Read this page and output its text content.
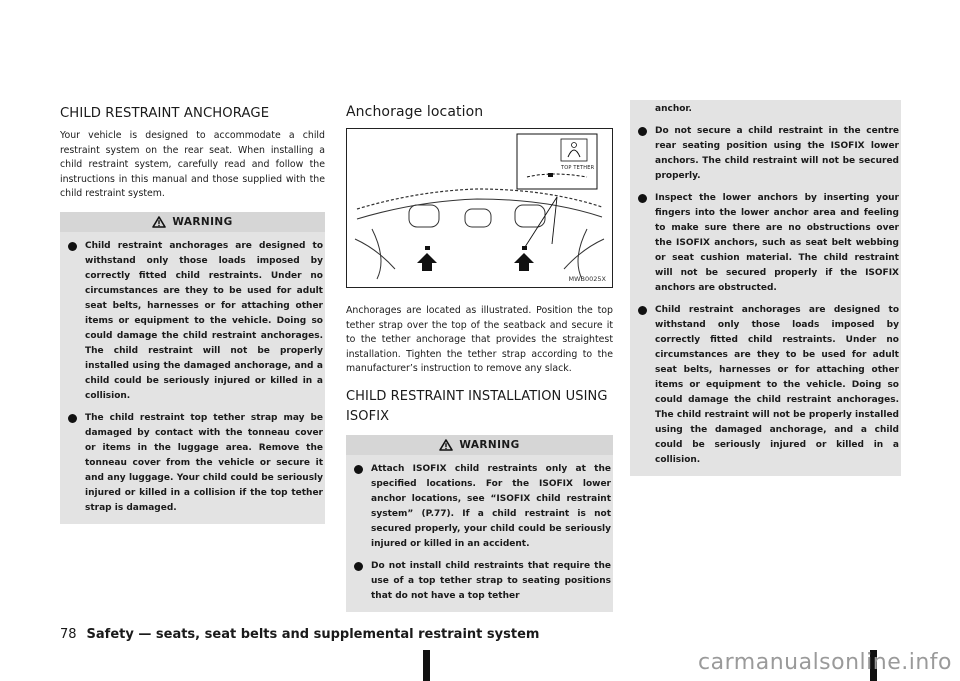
CHILD RESTRAINT ANCHORAGE

Your vehicle is designed to accommodate a child restraint system on the rear seat. When installing a child restraint system, carefully read and follow the instructions in this manual and those supplied with the child restraint system.

WARNING
Child restraint anchorages are designed to withstand only those loads imposed by correctly fitted child restraints. Under no circumstances are they to be used for adult seat belts, harnesses or for attaching other items or equipment to the vehicle. Doing so could damage the child restraint anchorages. The child restraint will not be properly installed using the damaged anchorage, and a child could be seriously injured or killed in a collision.
The child restraint top tether strap may be damaged by contact with the tonneau cover or items in the luggage area. Remove the tonneau cover from the vehicle or secure it and any luggage. Your child could be seriously injured or killed in a collision if the top tether strap is damaged.
Anchorage location
TOP TETHER
MWB0025X

Anchorages are located as illustrated. Position the top tether strap over the top of the seatback and secure it to the tether anchorage that provides the straightest installation. Tighten the tether strap according to the manufacturer’s instruction to remove any slack.

CHILD RESTRAINT INSTALLATION USING ISOFIX
WARNING
Attach ISOFIX child restraints only at the specified locations. For the ISOFIX lower anchor locations, see “ISOFIX child restraint system” (P.77). If a child restraint is not secured properly, your child could be seriously injured or killed in an accident.
Do not install child restraints that require the use of a top tether strap to seating positions that do not have a top tether
anchor.
Do not secure a child restraint in the centre rear seating position using the ISOFIX lower anchors. The child restraint will not be secured properly.
Inspect the lower anchors by inserting your fingers into the lower anchor area and feeling to make sure there are no obstructions over the ISOFIX anchors, such as seat belt webbing or seat cushion material. The child restraint will not be secured properly if the ISOFIX anchors are obstructed.
Child restraint anchorages are designed to withstand only those loads imposed by correctly fitted child restraints. Under no circumstances are they to be used for adult seat belts, harnesses or for attaching other items or equipment to the vehicle. Doing so could damage the child restraint anchorages. The child restraint will not be properly installed using the damaged anchorage, and a child could be seriously injured or killed in a collision.
78 Safety — seats, seat belts and supplemental restraint system
carmanualsonline.info
